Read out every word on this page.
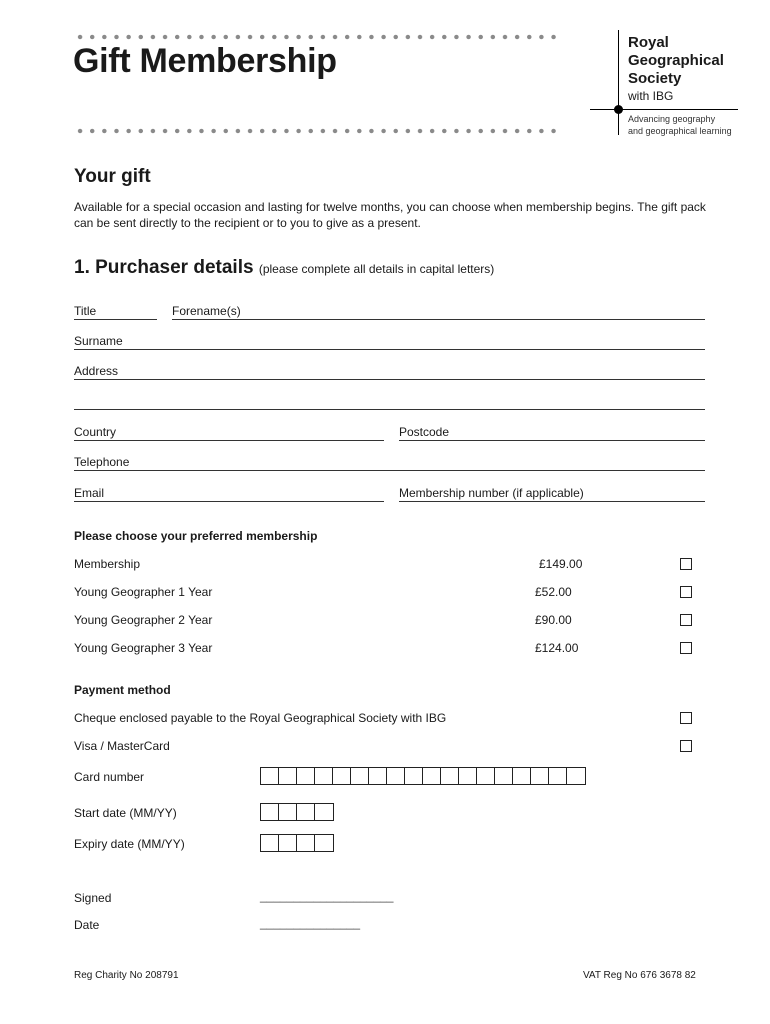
Gift Membership	Royal
Geographical
Society
with IBG
Advancing geography
and geographical learning
Your gift
Available for a special occasion and lasting for twelve months, you can choose when membership begins. The gift pack can be sent directly to the recipient or to you to give as a present.
1. Purchaser details (please complete all details in capital letters)
Title	Forename(s)
Surname
Address
Country	Postcode
Telephone
Email	Membership number (if applicable)
Please choose your preferred membership
Membership	£149.00
Young Geographer 1 Year	£52.00
Young Geographer 2 Year	£90.00
Young Geographer 3 Year	£124.00
Payment method
Cheque enclosed payable to the Royal Geographical Society with IBG
Visa / MasterCard
Card number
Start date (MM/YY)
Expiry date (MM/YY)
Signed	____________________
Date	_______________
Reg Charity No 208791	VAT Reg No 676 3678 82
